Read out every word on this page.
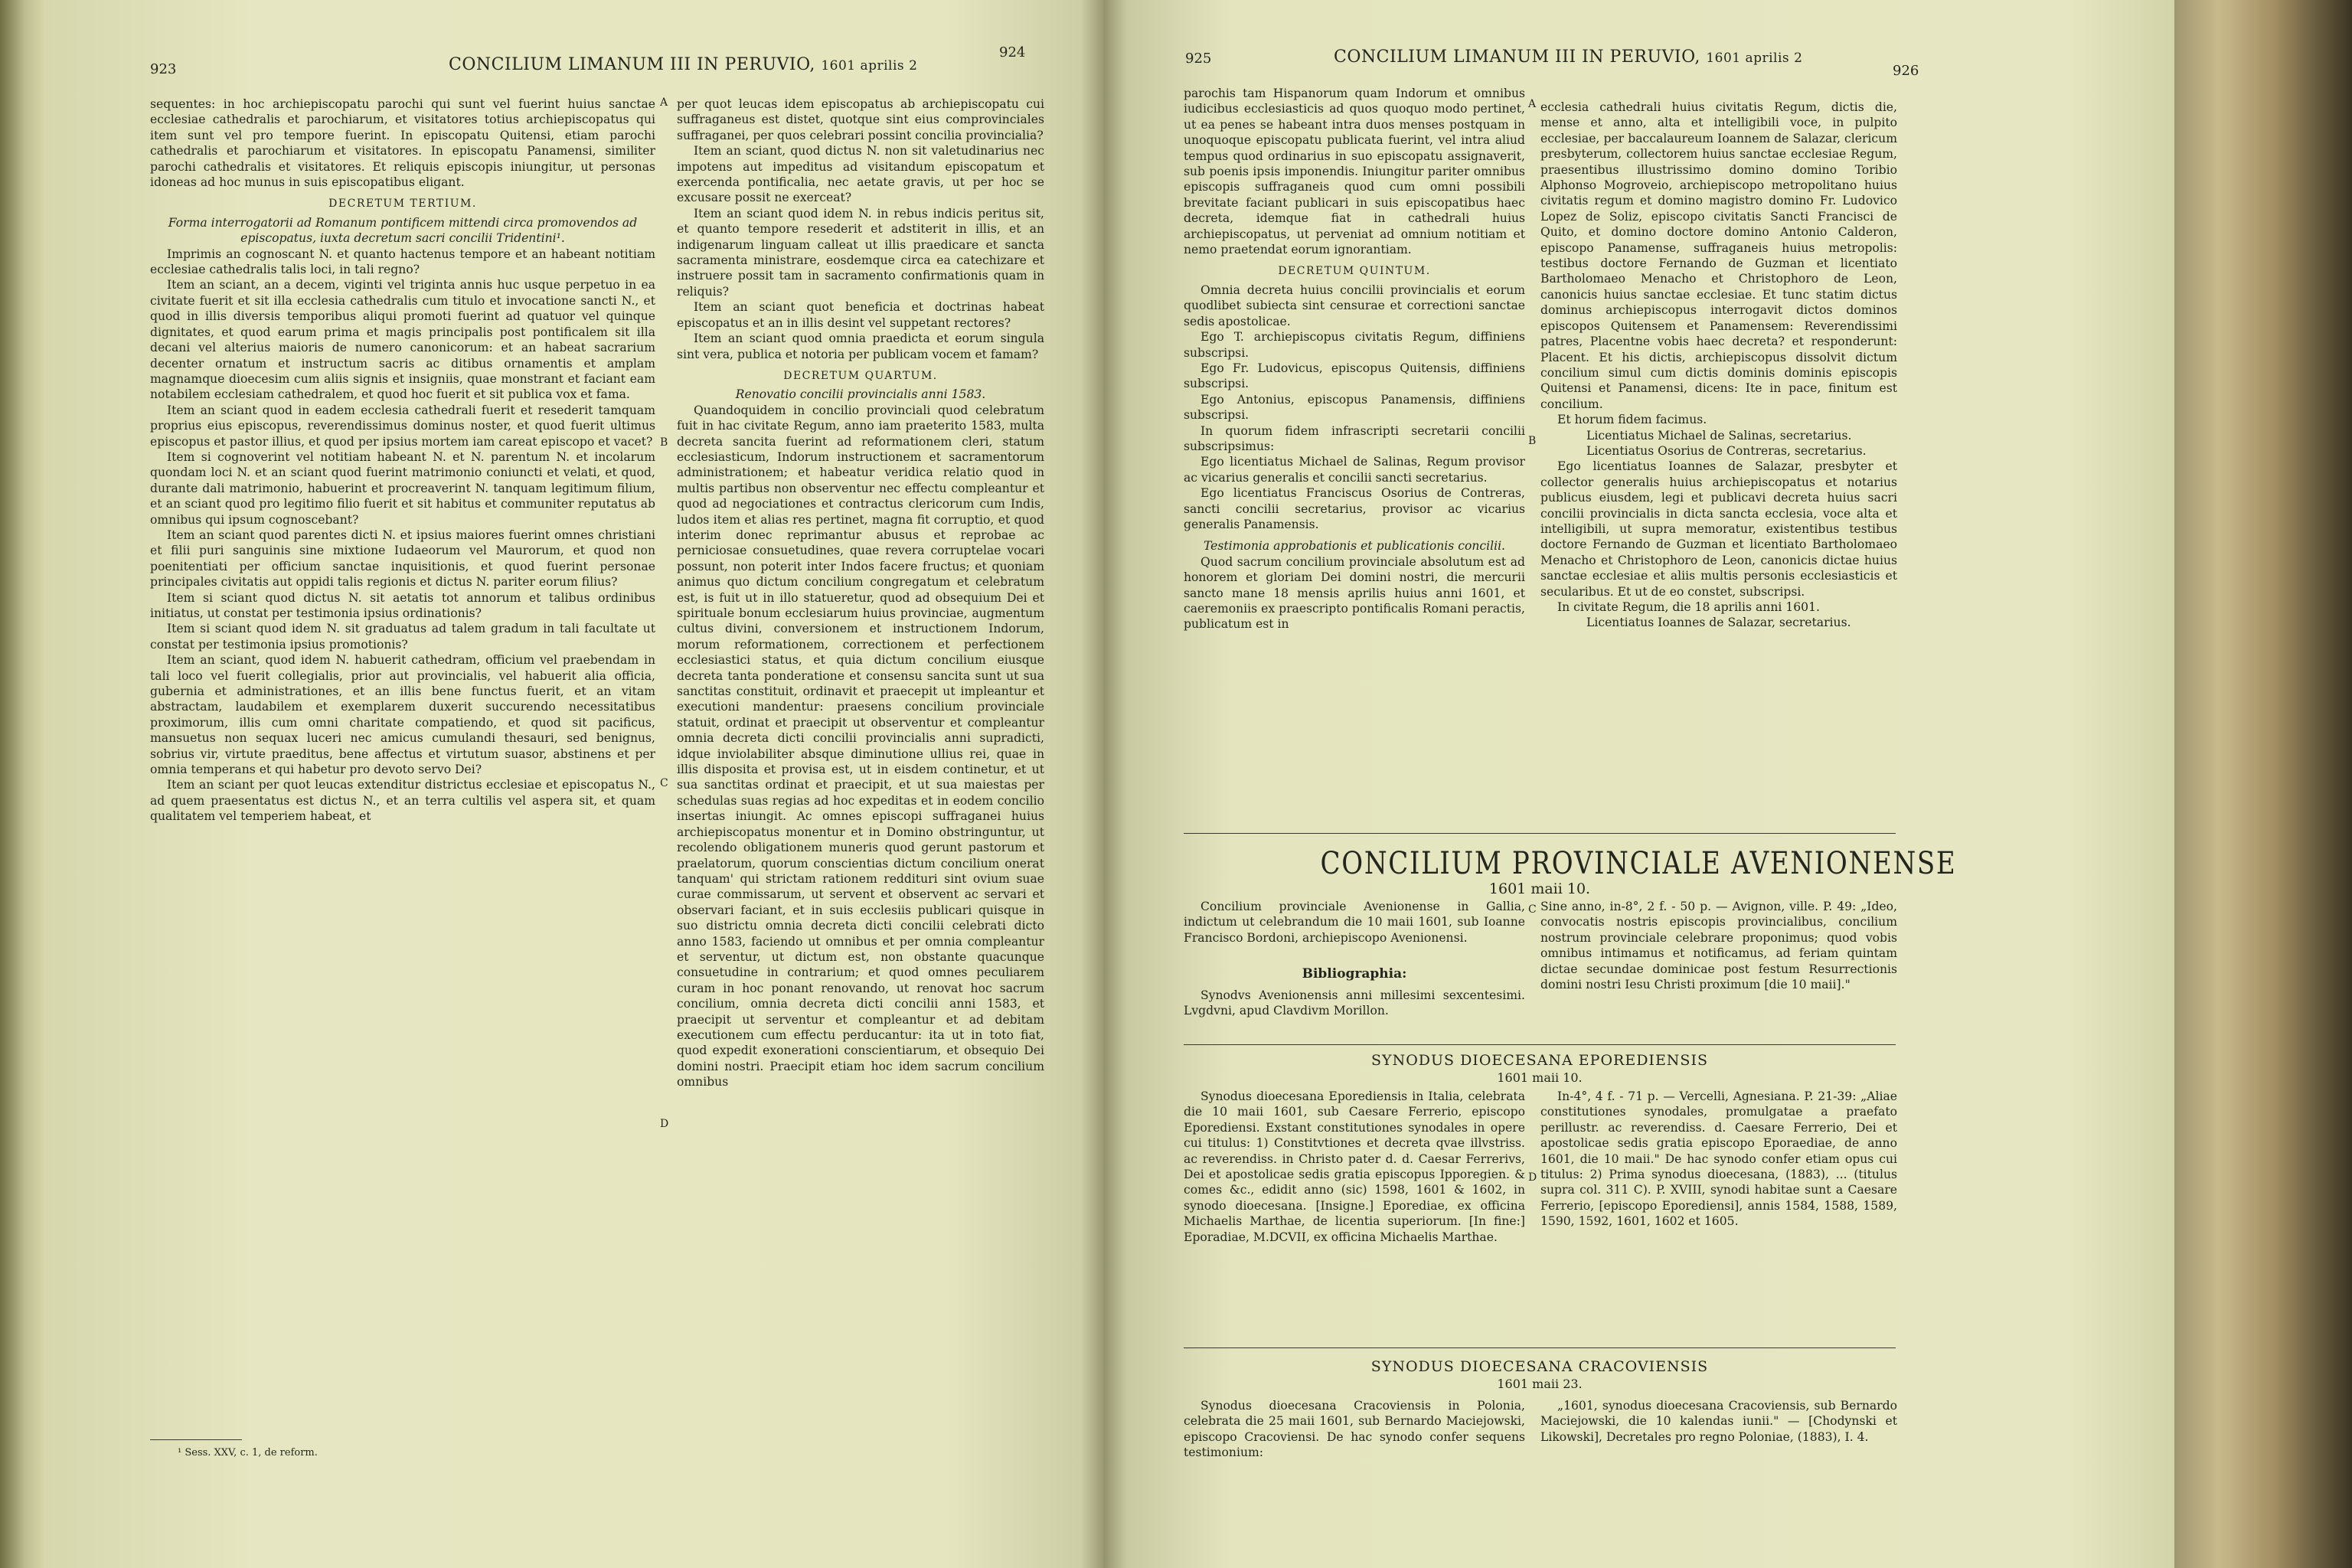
923	CONCILIUM LIMANUM III IN PERUVIO, 1601 aprilis 2
924

sequentes: in hoc archiepiscopatu parochi qui sunt vel fuerint huius sanctae ecclesiae cathedralis et parochiarum, et visitatores totius archiepiscopatus qui item sunt vel pro tempore fuerint. In episcopatu Quitensi, etiam parochi cathedralis et parochiarum et visitatores. In episcopatu Panamensi, similiter parochi cathedralis et visitatores. Et reliquis episcopis iniungitur, ut personas idoneas ad hoc munus in suis episcopatibus eligant.

DECRETUM TERTIUM.

Forma interrogatorii ad Romanum pontificem mittendi circa promovendos ad episcopatus, iuxta decretum sacri concilii Tridentini¹.

Imprimis an cognoscant N. et quanto hactenus tempore et an habeant notitiam ecclesiae cathedralis talis loci, in tali regno?

Item an sciant, an a decem, viginti vel triginta annis huc usque perpetuo in ea civitate fuerit et sit illa ecclesia cathedralis cum titulo et invocatione sancti N., et quod in illis diversis temporibus aliqui promoti fuerint ad quatuor vel quinque dignitates, et quod earum prima et magis principalis post pontificalem sit illa decani vel alterius maioris de numero canonicorum: et an habeat sacrarium decenter ornatum et instructum sacris ac ditibus ornamentis et amplam magnamque dioecesim cum aliis signis et insigniis, quae monstrant et faciant eam notabilem ecclesiam cathedralem, et quod hoc fuerit et sit publica vox et fama.

Item an sciant quod in eadem ecclesia cathedrali fuerit et resederit tamquam proprius eius episcopus, reverendissimus dominus noster, et quod fuerit ultimus episcopus et pastor illius, et quod per ipsius mortem iam careat episcopo et vacet?

Item si cognoverint vel notitiam habeant N. et N. parentum N. et incolarum quondam loci N. et an sciant quod fuerint matrimonio coniuncti et velati, et quod, durante dali matrimonio, habuerint et procreaverint N. tanquam legitimum filium, et an sciant quod pro legitimo filio fuerit et sit habitus et communiter reputatus ab omnibus qui ipsum cognoscebant?

Item an sciant quod parentes dicti N. et ipsius maiores fuerint omnes christiani et filii puri sanguinis sine mixtione Iudaeorum vel Maurorum, et quod non poenitentiati per officium sanctae inquisitionis, et quod fuerint personae principales civitatis aut oppidi talis regionis et dictus N. pariter eorum filius?

Item si sciant quod dictus N. sit aetatis tot annorum et talibus ordinibus initiatus, ut constat per testimonia ipsius ordinationis?

Item si sciant quod idem N. sit graduatus ad talem gradum in tali facultate ut constat per testimonia ipsius promotionis?

Item an sciant, quod idem N. habuerit cathedram, officium vel praebendam in tali loco vel fuerit collegialis, prior aut provincialis, vel habuerit alia officia, gubernia et administrationes, et an illis bene functus fuerit, et an vitam abstractam, laudabilem et exemplarem duxerit succurendo necessitatibus proximorum, illis cum omni charitate compatiendo, et quod sit pacificus, mansuetus non sequax luceri nec amicus cumulandi thesauri, sed benignus, sobrius vir, virtute praeditus, bene affectus et virtutum suasor, abstinens et per omnia temperans et qui habetur pro devoto servo Dei?

Item an sciant per quot leucas extenditur districtus ecclesiae et episcopatus N., ad quem praesentatus est dictus N., et an terra cultilis vel aspera sit, et quam qualitatem vel temperiem habeat, et

¹ Sess. XXV, c. 1, de reform.
A
B
C
D

per quot leucas idem episcopatus ab archiepiscopatu cui suffraganeus est distet, quotque sint eius comprovinciales suffraganei, per quos celebrari possint concilia provincialia?

Item an sciant, quod dictus N. non sit valetudinarius nec impotens aut impeditus ad visitandum episcopatum et exercenda pontificalia, nec aetate gravis, ut per hoc se excusare possit ne exerceat?

Item an sciant quod idem N. in rebus indicis peritus sit, et quanto tempore resederit et adstiterit in illis, et an indigenarum linguam calleat ut illis praedicare et sancta sacramenta ministrare, eosdemque circa ea catechizare et instruere possit tam in sacramento confirmationis quam in reliquis?

Item an sciant quot beneficia et doctrinas habeat episcopatus et an in illis desint vel suppetant rectores?

Item an sciant quod omnia praedicta et eorum singula sint vera, publica et notoria per publicam vocem et famam?

DECRETUM QUARTUM.

Renovatio concilii provincialis anni 1583.

Quandoquidem in concilio provinciali quod celebratum fuit in hac civitate Regum, anno iam praeterito 1583, multa decreta sancita fuerint ad reformationem cleri, statum ecclesiasticum, Indorum instructionem et sacramentorum administrationem; et habeatur veridica relatio quod in multis partibus non observentur nec effectu compleantur et quod ad negociationes et contractus clericorum cum Indis, ludos item et alias res pertinet, magna fit corruptio, et quod interim donec reprimantur abusus et reprobae ac perniciosae consuetudines, quae revera corruptelae vocari possunt, non poterit inter Indos facere fructus; et quoniam animus quo dictum concilium congregatum et celebratum est, is fuit ut in illo statueretur, quod ad obsequium Dei et spirituale bonum ecclesiarum huius provinciae, augmentum cultus divini, conversionem et instructionem Indorum, morum reformationem, correctionem et perfectionem ecclesiastici status, et quia dictum concilium eiusque decreta tanta ponderatione et consensu sancita sunt ut sua sanctitas constituit, ordinavit et praecepit ut impleantur et executioni mandentur: praesens concilium provinciale statuit, ordinat et praecipit ut observentur et compleantur omnia decreta dicti concilii provincialis anni supradicti, idque inviolabiliter absque diminutione ullius rei, quae in illis disposita et provisa est, ut in eisdem continetur, et ut sua sanctitas ordinat et praecipit, et ut sua maiestas per schedulas suas regias ad hoc expeditas et in eodem concilio insertas iniungit. Ac omnes episcopi suffraganei huius archiepiscopatus monentur et in Domino obstringuntur, ut recolendo obligationem muneris quod gerunt pastorum et praelatorum, quorum conscientias dictum concilium onerat tanquam' qui strictam rationem reddituri sint ovium suae curae commissarum, ut servent et observent ac servari et observari faciant, et in suis ecclesiis publicari quisque in suo districtu omnia decreta dicti concilii celebrati dicto anno 1583, faciendo ut omnibus et per omnia compleantur et serventur, ut dictum est, non obstante quacunque consuetudine in contrarium; et quod omnes peculiarem curam in hoc ponant renovando, ut renovat hoc sacrum concilium, omnia decreta dicti concilii anni 1583, et praecipit ut serventur et compleantur et ad debitam executionem cum effectu perducantur: ita ut in toto fiat, quod expedit exonerationi conscientiarum, et obsequio Dei domini nostri. Praecipit etiam hoc idem sacrum concilium omnibus

925	CONCILIUM LIMANUM III IN PERUVIO, 1601 aprilis 2
926

parochis tam Hispanorum quam Indorum et omnibus iudicibus ecclesiasticis ad quos quoquo modo pertinet, ut ea penes se habeant intra duos menses postquam in unoquoque episcopatu publicata fuerint, vel intra aliud tempus quod ordinarius in suo episcopatu assignaverit, sub poenis ipsis imponendis. Iniungitur pariter omnibus episcopis suffraganeis quod cum omni possibili brevitate faciant publicari in suis episcopatibus haec decreta, idemque fiat in cathedrali huius archiepiscopatus, ut perveniat ad omnium notitiam et nemo praetendat eorum ignorantiam.

DECRETUM QUINTUM.

Omnia decreta huius concilii provincialis et eorum quodlibet subiecta sint censurae et correctioni sanctae sedis apostolicae.

Ego T. archiepiscopus civitatis Regum, diffiniens subscripsi.

Ego Fr. Ludovicus, episcopus Quitensis, diffiniens subscripsi.

Ego Antonius, episcopus Panamensis, diffiniens subscripsi.

In quorum fidem infrascripti secretarii concilii subscripsimus:

Ego licentiatus Michael de Salinas, Regum provisor ac vicarius generalis et concilii sancti secretarius.

Ego licentiatus Franciscus Osorius de Contreras, sancti concilii secretarius, provisor ac vicarius generalis Panamensis.

Testimonia approbationis et publicationis concilii.

Quod sacrum concilium provinciale absolutum est ad honorem et gloriam Dei domini nostri, die mercurii sancto mane 18 mensis aprilis huius anni 1601, et caeremoniis ex praescripto pontificalis Romani peractis, publicatum est in

A
B

ecclesia cathedrali huius civitatis Regum, dictis die, mense et anno, alta et intelligibili voce, in pulpito ecclesiae, per baccalaureum Ioannem de Salazar, clericum presbyterum, collectorem huius sanctae ecclesiae Regum, praesentibus illustrissimo domino domino Toribio Alphonso Mogroveio, archiepiscopo metropolitano huius civitatis regum et domino magistro domino Fr. Ludovico Lopez de Soliz, episcopo civitatis Sancti Francisci de Quito, et domino doctore domino Antonio Calderon, episcopo Panamense, suffraganeis huius metropolis: testibus doctore Fernando de Guzman et licentiato Bartholomaeo Menacho et Christophoro de Leon, canonicis huius sanctae ecclesiae. Et tunc statim dictus dominus archiepiscopus interrogavit dictos dominos episcopos Quitensem et Panamensem: Reverendissimi patres, Placentne vobis haec decreta? et responderunt: Placent. Et his dictis, archiepiscopus dissolvit dictum concilium simul cum dictis dominis dominis episcopis Quitensi et Panamensi, dicens: Ite in pace, finitum est concilium.

Et horum fidem facimus.

Licentiatus Michael de Salinas, secretarius.

Licentiatus Osorius de Contreras, secretarius.

Ego licentiatus Ioannes de Salazar, presbyter et collector generalis huius archiepiscopatus et notarius publicus eiusdem, legi et publicavi decreta huius sacri concilii provincialis in dicta sancta ecclesia, voce alta et intelligibili, ut supra memoratur, existentibus testibus doctore Fernando de Guzman et licentiato Bartholomaeo Menacho et Christophoro de Leon, canonicis dictae huius sanctae ecclesiae et aliis multis personis ecclesiasticis et secularibus. Et ut de eo constet, subscripsi.

In civitate Regum, die 18 aprilis anni 1601.

Licentiatus Ioannes de Salazar, secretarius.

CONCILIUM PROVINCIALE AVENIONENSE
1601 maii 10.

Concilium provinciale Avenionense in Gallia, indictum ut celebrandum die 10 maii 1601, sub Ioanne Francisco Bordoni, archiepiscopo Avenionensi.

Bibliographia:

Synodvs Avenionensis anni millesimi sexcentesimi. Lvgdvni, apud Clavdivm Morillon.

C Sine anno, in-8°, 2 f. - 50 p. — Avignon, ville. P. 49: „Ideo, convocatis nostris episcopis provincialibus, concilium nostrum provinciale celebrare proponimus; quod vobis omnibus intimamus et notificamus, ad feriam quintam dictae secundae dominicae post festum Resurrectionis domini nostri Iesu Christi proximum [die 10 maii]."

SYNODUS DIOECESANA EPOREDIENSIS
1601 maii 10.

Synodus dioecesana Eporediensis in Italia, celebrata die 10 maii 1601, sub Caesare Ferrerio, episcopo Eporediensi. Exstant constitutiones synodales in opere cui titulus: 1) Constitvtiones et decreta qvae illvstriss. ac reverendiss. in Christo pater d. d. Caesar Ferrerivs, Dei et apostolicae sedis gratia episcopus Ipporegien. & comes &c., edidit anno (sic) 1598, 1601 & 1602, in synodo dioecesana. [Insigne.] Eporediae, ex officina Michaelis Marthae, de licentia superiorum. [In fine:] Eporadiae, M.DCVII, ex officina Michaelis Marthae.

D

In-4°, 4 f. - 71 p. — Vercelli, Agnesiana. P. 21-39: „Aliae constitutiones synodales, promulgatae a praefato perillustr. ac reverendiss. d. Caesare Ferrerio, Dei et apostolicae sedis gratia episcopo Eporaediae, de anno 1601, die 10 maii." De hac synodo confer etiam opus cui titulus: 2) Prima synodus dioecesana, (1883), ... (titulus supra col. 311 C). P. XVIII, synodi habitae sunt a Caesare Ferrerio, [episcopo Eporediensi], annis 1584, 1588, 1589, 1590, 1592, 1601, 1602 et 1605.

SYNODUS DIOECESANA CRACOVIENSIS
1601 maii 23.

Synodus dioecesana Cracoviensis in Polonia, celebrata die 25 maii 1601, sub Bernardo Maciejowski, episcopo Cracoviensi. De hac synodo confer sequens testimonium:

„1601, synodus dioecesana Cracoviensis, sub Bernardo Maciejowski, die 10 kalendas iunii." — [Chodynski et Likowski], Decretales pro regno Poloniae, (1883), I. 4.
